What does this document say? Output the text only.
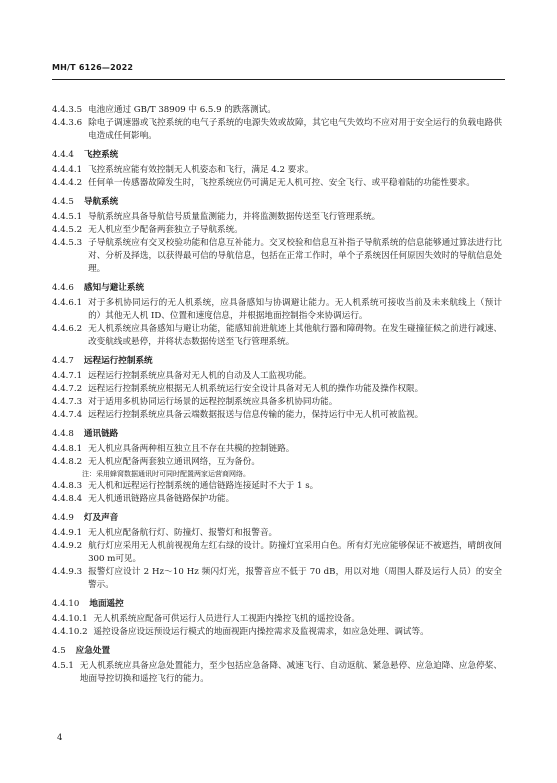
MH/T 6126—2022
4.4.3.5 电池应通过 GB/T 38909 中 6.5.9 的跌落测试。
4.4.3.6 除电子调速器或飞控系统的电气子系统的电源失效或故障，其它电气失效均不应对用于安全运行的负载电路供电造成任何影响。
4.4.4 飞控系统
4.4.4.1 飞控系统应能有效控制无人机姿态和飞行，满足 4.2 要求。
4.4.4.2 任何单一传感器故障发生时，飞控系统应仍可满足无人机可控、安全飞行、或平稳着陆的功能性要求。
4.4.5 导航系统
4.4.5.1 导航系统应具备导航信号质量监测能力，并将监测数据传送至飞行管理系统。
4.4.5.2 无人机应至少配备两套独立子导航系统。
4.4.5.3 子导航系统应有交叉校验功能和信息互补能力。交叉校验和信息互补指子导航系统的信息能够通过算法进行比对、分析及择选，以获得最可信的导航信息，包括在正常工作时，单个子系统因任何原因失效时的导航信息处理。
4.4.6 感知与避让系统
4.4.6.1 对于多机协同运行的无人机系统，应具备感知与协调避让能力。无人机系统可接收当前及未来航线上（预计的）其他无人机 ID、位置和速度信息，并根据地面控制指令来协调运行。
4.4.6.2 无人机系统应具备感知与避让功能，能感知前进航迹上其他航行器和障碍物。在发生碰撞征候之前进行减速、改变航线或悬停，并将状态数据传送至飞行管理系统。
4.4.7 远程运行控制系统
4.4.7.1 远程运行控制系统应具备对无人机的自动及人工监视功能。
4.4.7.2 远程运行控制系统应根据无人机系统运行安全设计具备对无人机的操作功能及操作权限。
4.4.7.3 对于适用多机协同运行场景的远程控制系统应具备多机协同功能。
4.4.7.4 远程运行控制系统应具备云端数据报送与信息传输的能力，保持运行中无人机可被监视。
4.4.8 通讯链路
4.4.8.1 无人机应具备两种相互独立且不存在共模的控制链路。
4.4.8.2 无人机应配备两套独立通讯网络，互为备份。
注：采用蜂窝数据通讯时可同时配置两家运营商网络。
4.4.8.3 无人机和远程运行控制系统的通信链路连接延时不大于 1 s。
4.4.8.4 无人机通讯链路应具备链路保护功能。
4.4.9 灯及声音
4.4.9.1 无人机应配备航行灯、防撞灯、报警灯和报警音。
4.4.9.2 航行灯应采用无人机前视视角左红右绿的设计。防撞灯宜采用白色。所有灯光应能够保证不被遮挡，晴朗夜间 300 m可见。
4.4.9.3 报警灯应设计 2 Hz～10 Hz 频闪灯光，报警音应不低于 70 dB，用以对地（周围人群及运行人员）的安全警示。
4.4.10 地面遥控
4.4.10.1 无人机系统应配备可供运行人员进行人工视距内操控飞机的遥控设备。
4.4.10.2 遥控设备应设远预设运行模式的地面视距内操控需求及监视需求，如应急处理、调试等。
4.5 应急处置
4.5.1 无人机系统应具备应急处置能力，至少包括应急备降、减速飞行、自动返航、紧急悬停、应急迫降、应急停桨、地面导控切换和遥控飞行的能力。
4
